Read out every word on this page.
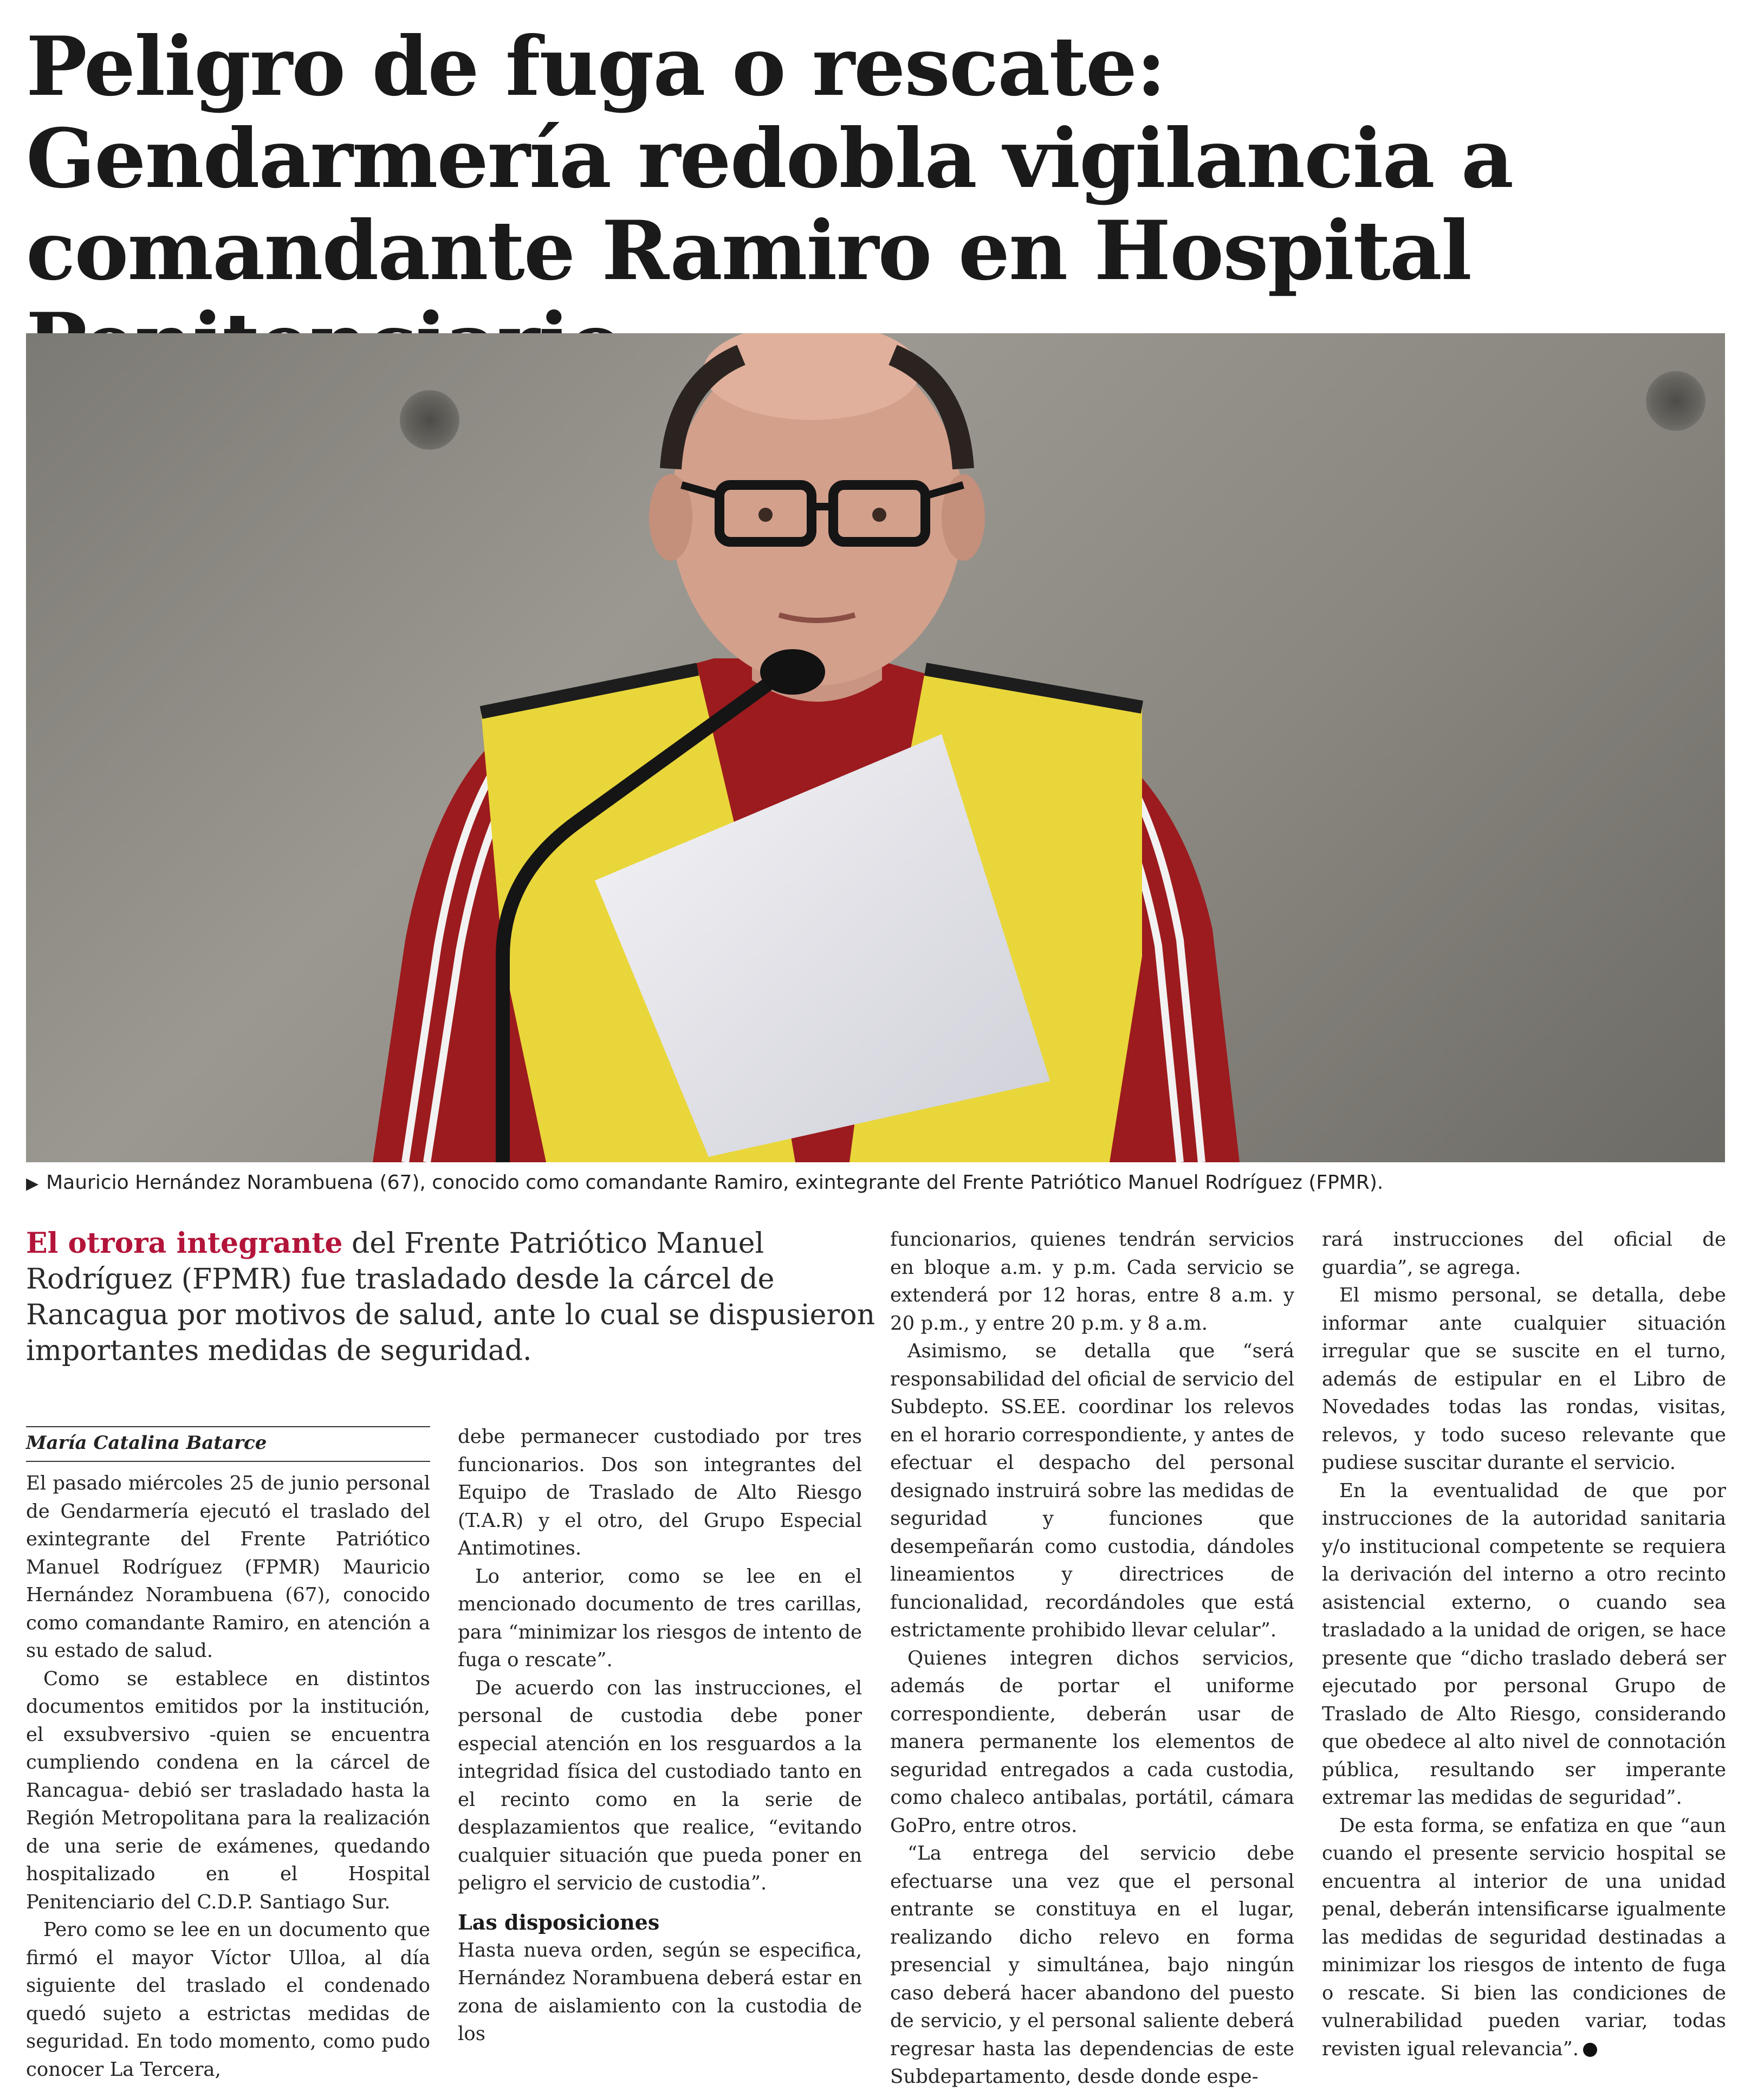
Peligro de fuga o rescate: Gendarmería redobla vigilancia a comandante Ramiro en Hospital
▶ Mauricio Hernández Norambuena (67), conocido como comandante Ramiro, exintegrante del Frente Patriótico Manuel Rodríguez (FPMR).
El otrora integrante del Frente Patriótico Manuel Rodríguez (FPMR) fue trasladado desde la cárcel de Rancagua por motivos de salud, ante lo cual se dispusieron importantes medidas de seguridad.
María Catalina Batarce

El pasado miércoles 25 de junio personal de Gendarmería ejecutó el traslado del exintegrante del Frente Patriótico Manuel Rodríguez (FPMR) Mauricio Hernández Norambuena (67), conocido como comandante Ramiro, en atención a su estado de salud.

Como se establece en distintos documentos emitidos por la institución, el exsubversivo -quien se encuentra cumpliendo condena en la cárcel de Rancagua- debió ser trasladado hasta la Región Metropolitana para la realización de una serie de exámenes, quedando hospitalizado en el Hospital Penitenciario del C.D.P. Santiago Sur.

Pero como se lee en un documento que firmó el mayor Víctor Ulloa, al día siguiente del traslado el condenado quedó sujeto a estrictas medidas de seguridad. En todo momento, como pudo conocer La Tercera,

debe permanecer custodiado por tres funcionarios. Dos son integrantes del Equipo de Traslado de Alto Riesgo (T.A.R) y el otro, del Grupo Especial Antimotines.

Lo anterior, como se lee en el mencionado documento de tres carillas, para “minimizar los riesgos de intento de fuga o rescate”.

De acuerdo con las instrucciones, el personal de custodia debe poner especial atención en los resguardos a la integridad física del custodiado tanto en el recinto como en la serie de desplazamientos que realice, “evitando cualquier situación que pueda poner en peligro el servicio de custodia”.

Las disposiciones

Hasta nueva orden, según se especifica, Hernández Norambuena deberá estar en zona de aislamiento con la custodia de los

funcionarios, quienes tendrán servicios en bloque a.m. y p.m. Cada servicio se extenderá por 12 horas, entre 8 a.m. y 20 p.m., y entre 20 p.m. y 8 a.m.

Asimismo, se detalla que “será responsabilidad del oficial de servicio del Subdepto. SS.EE. coordinar los relevos en el horario correspondiente, y antes de efectuar el despacho del personal designado instruirá sobre las medidas de seguridad y funciones que desempeñarán como custodia, dándoles lineamientos y directrices de funcionalidad, recordándoles que está estrictamente prohibido llevar celular”.

Quienes integren dichos servicios, además de portar el uniforme correspondiente, deberán usar de manera permanente los elementos de seguridad entregados a cada custodia, como chaleco antibalas, portátil, cámara GoPro, entre otros.

“La entrega del servicio debe efectuarse una vez que el personal entrante se constituya en el lugar, realizando dicho relevo en forma presencial y simultánea, bajo ningún caso deberá hacer abandono del puesto de servicio, y el personal saliente deberá regresar hasta las dependencias de este Subdepartamento, desde donde espe-

rará instrucciones del oficial de guardia”, se agrega.

El mismo personal, se detalla, debe informar ante cualquier situación irregular que se suscite en el turno, además de estipular en el Libro de Novedades todas las rondas, visitas, relevos, y todo suceso relevante que pudiese suscitar durante el servicio.

En la eventualidad de que por instrucciones de la autoridad sanitaria y/o institucional competente se requiera la derivación del interno a otro recinto asistencial externo, o cuando sea trasladado a la unidad de origen, se hace presente que “dicho traslado deberá ser ejecutado por personal Grupo de Traslado de Alto Riesgo, considerando que obedece al alto nivel de connotación pública, resultando ser imperante extremar las medidas de seguridad”.

De esta forma, se enfatiza en que “aun cuando el presente servicio hospital se encuentra al interior de una unidad penal, deberán intensificarse igualmente las medidas de seguridad destinadas a minimizar los riesgos de intento de fuga o rescate. Si bien las condiciones de vulnerabilidad pueden variar, todas revisten igual relevancia”.
